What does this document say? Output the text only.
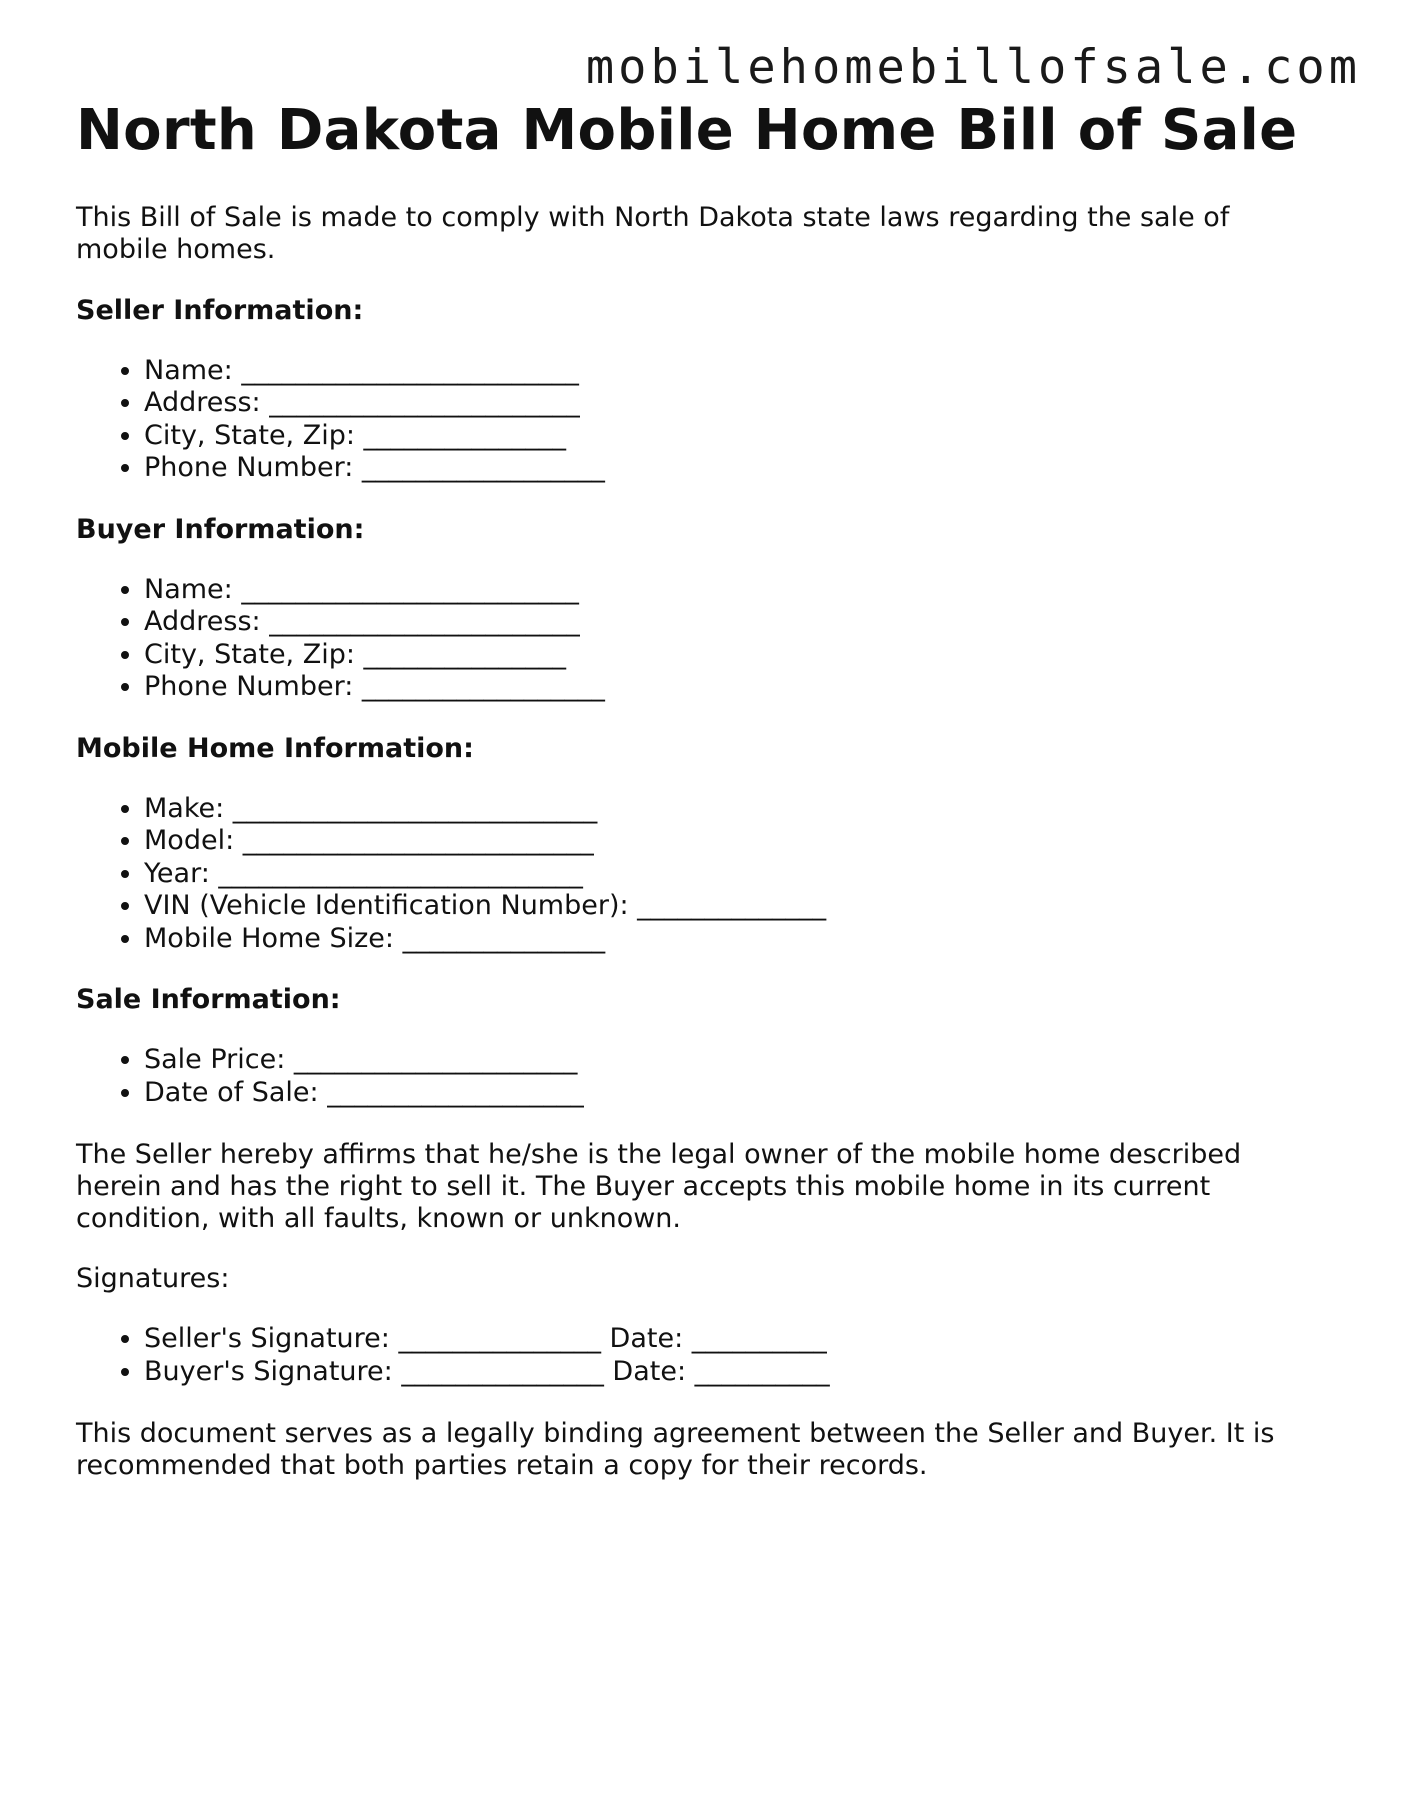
mobilehomebillofsale.com
North Dakota Mobile Home Bill of Sale

This Bill of Sale is made to comply with North Dakota state laws regarding the sale of mobile homes.

Seller Information:
• Name: _________________________
• Address: _______________________
• City, State, Zip: _______________
• Phone Number: __________________
Buyer Information:
• Name: _________________________
• Address: _______________________
• City, State, Zip: _______________
• Phone Number: __________________
Mobile Home Information:
• Make: ___________________________
• Model: __________________________
• Year: ___________________________
• VIN (Vehicle Identification Number): ______________
• Mobile Home Size: _______________
Sale Information:
• Sale Price: _____________________
• Date of Sale: ___________________

The Seller hereby affirms that he/she is the legal owner of the mobile home described herein and has the right to sell it. The Buyer accepts this mobile home in its current condition, with all faults, known or unknown.

Signatures:

• Seller's Signature: _______________ Date: __________
• Buyer's Signature: _______________ Date: __________

This document serves as a legally binding agreement between the Seller and Buyer. It is recommended that both parties retain a copy for their records.
